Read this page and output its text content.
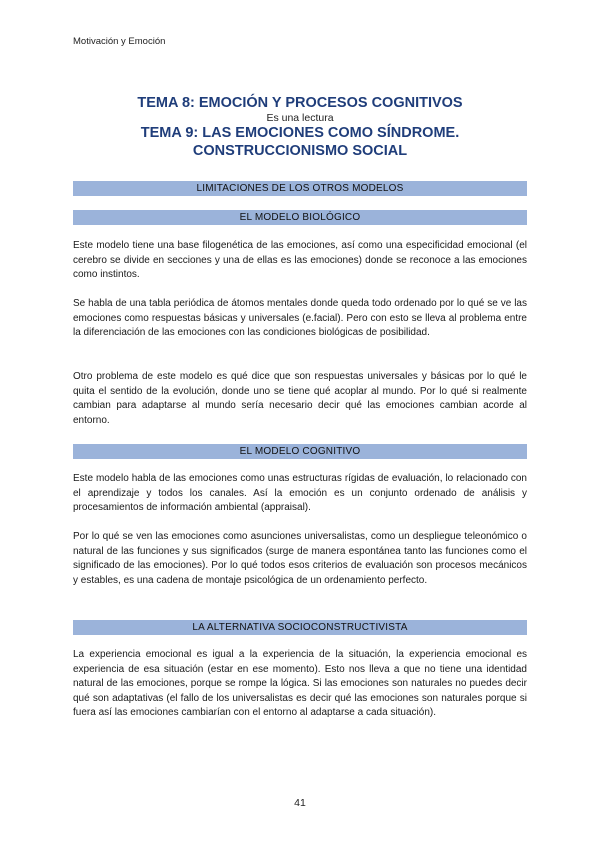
Motivación y Emoción
TEMA 8: EMOCIÓN Y PROCESOS COGNITIVOS
Es una lectura
TEMA 9: LAS EMOCIONES COMO SÍNDROME.
CONSTRUCCIONISMO SOCIAL
LIMITACIONES DE LOS OTROS MODELOS
EL MODELO BIOLÓGICO

Este modelo tiene una base filogenética de las emociones, así como una especificidad emocional (el cerebro se divide en secciones y una de ellas es las emociones) donde se reconoce a las emociones como instintos.

Se habla de una tabla periódica de átomos mentales donde queda todo ordenado por lo qué se ve las emociones como respuestas básicas y universales (e.facial). Pero con esto se lleva al problema entre la diferenciación de las emociones con las condiciones biológicas de posibilidad.

Otro problema de este modelo es qué dice que son respuestas universales y básicas por lo qué le quita el sentido de la evolución, donde uno se tiene qué acoplar al mundo. Por lo qué si realmente cambian para adaptarse al mundo sería necesario decir qué las emociones cambian acorde al entorno.

EL MODELO COGNITIVO

Este modelo habla de las emociones como unas estructuras rígidas de evaluación, lo relacionado con el aprendizaje y todos los canales. Así la emoción es un conjunto ordenado de análisis y procesamientos de información ambiental (appraisal).

Por lo qué se ven las emociones como asunciones universalistas, como un despliegue teleonómico o natural de las funciones y sus significados (surge de manera espontánea tanto las funciones como el significado de las emociones). Por lo qué todos esos criterios de evaluación son procesos mecánicos y estables, es una cadena de montaje psicológica de un ordenamiento perfecto.

LA ALTERNATIVA SOCIOCONSTRUCTIVISTA

La experiencia emocional es igual a la experiencia de la situación, la experiencia emocional es experiencia de esa situación (estar en ese momento). Esto nos lleva a que no tiene una identidad natural de las emociones, porque se rompe la lógica. Si las emociones son naturales no puedes decir qué son adaptativas (el fallo de los universalistas es decir qué las emociones son naturales porque si fuera así las emociones cambiarían con el entorno al adaptarse a cada situación).

41
